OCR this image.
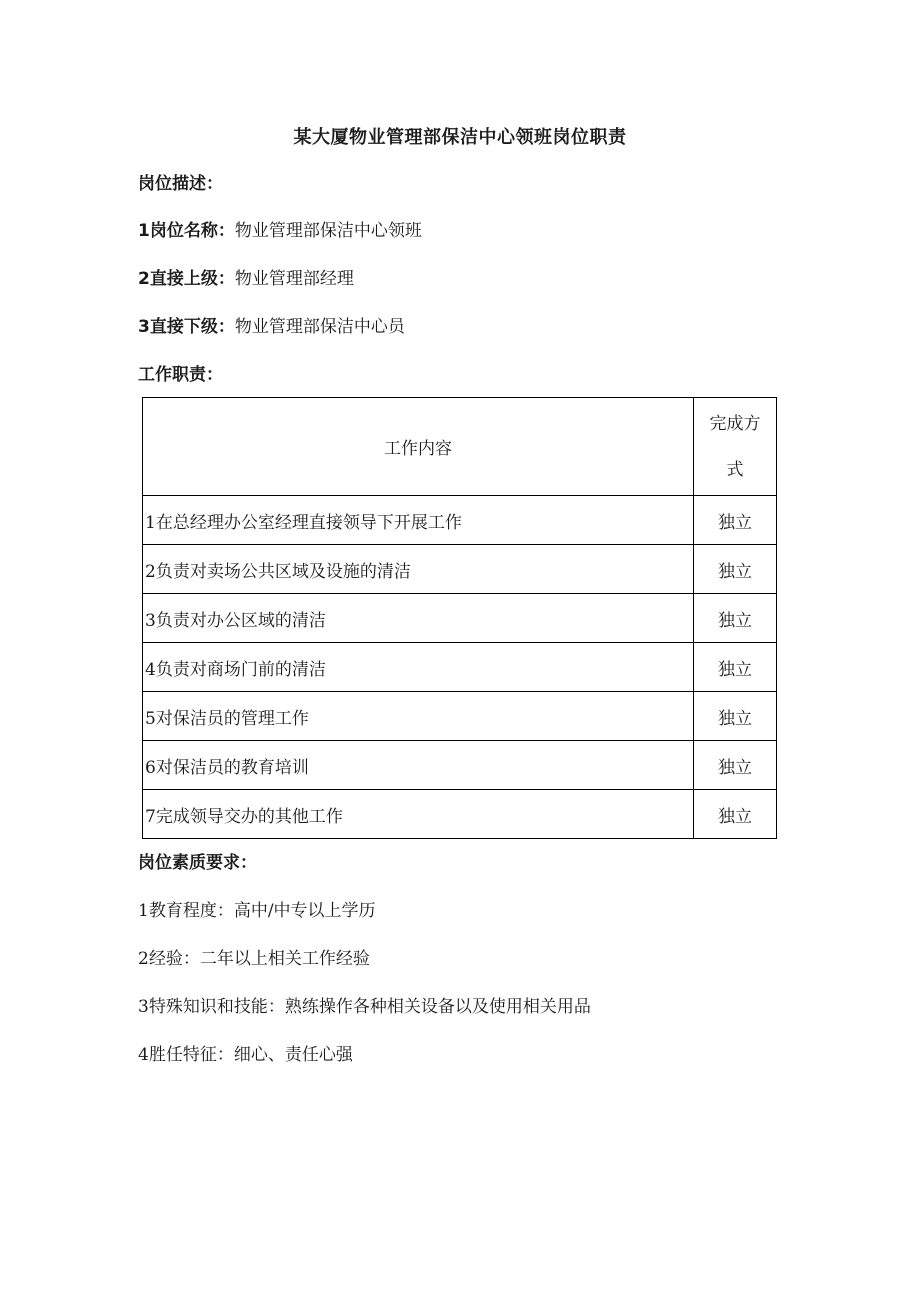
某大厦物业管理部保洁中心领班岗位职责
岗位描述：
1岗位名称：物业管理部保洁中心领班
2直接上级：物业管理部经理
3直接下级：物业管理部保洁中心员
工作职责：
工作内容	完成方
式

1在总经理办公室经理直接领导下开展工作	独立
2负责对卖场公共区域及设施的清洁	独立
3负责对办公区域的清洁	独立
4负责对商场门前的清洁	独立
5对保洁员的管理工作	独立
6对保洁员的教育培训	独立
7完成领导交办的其他工作	独立
岗位素质要求：
1教育程度：高中/中专以上学历
2经验：二年以上相关工作经验
3特殊知识和技能：熟练操作各种相关设备以及使用相关用品
4胜任特征：细心、责任心强
